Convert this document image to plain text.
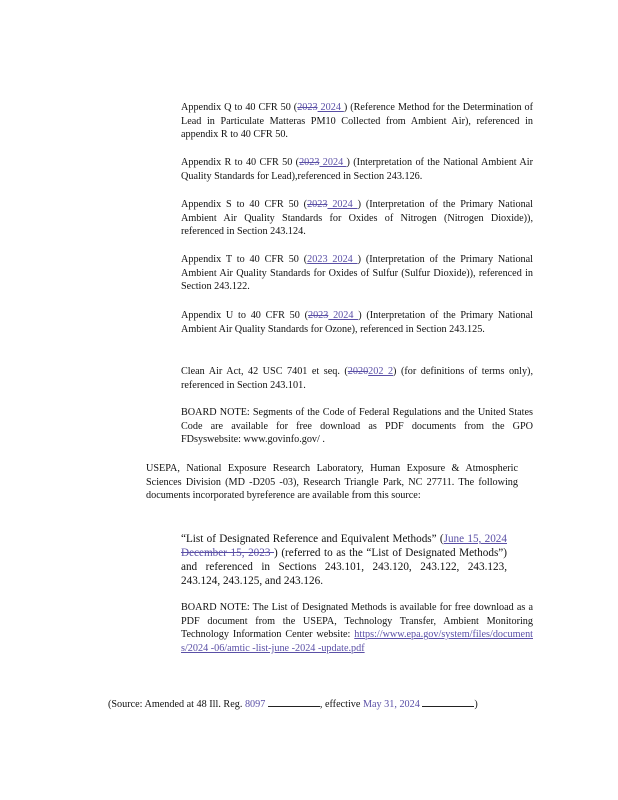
Appendix Q to 40 CFR 50 (2023 2024 ) (Reference Method for the Determination of Lead in Particulate Matteras PM10 Collected from Ambient Air), referenced in appendix R to 40 CFR 50.
Appendix R to 40 CFR 50 (2023 2024 ) (Interpretation of the National Ambient Air Quality Standards for Lead),referenced in Section 243.126.
Appendix S to 40 CFR 50 (2023 2024 ) (Interpretation of the Primary National Ambient Air Quality Standards for Oxides of Nitrogen (Nitrogen Dioxide)), referenced in Section 243.124.
Appendix T to 40 CFR 50 (2023 2024 ) (Interpretation of the Primary National Ambient Air Quality Standards for Oxides of Sulfur (Sulfur Dioxide)), referenced in Section 243.122.
Appendix U to 40 CFR 50 (2023 2024 ) (Interpretation of the Primary National Ambient Air Quality Standards for Ozone), referenced in Section 243.125.
Clean Air Act, 42 USC 7401 et seq. (2020202 2) (for definitions of terms only), referenced in Section 243.101.
BOARD NOTE: Segments of the Code of Federal Regulations and the United States Code are available for free download as PDF documents from the GPO FDsyswebsite: www.govinfo.gov/ .
USEPA, National Exposure Research Laboratory, Human Exposure & Atmospheric Sciences Division (MD -D205 -03), Research Triangle Park, NC 27711. The following documents incorporated byreference are available from this source:
“List of Designated Reference and Equivalent Methods” (June 15, 2024 December 15, 2023 ) (referred to as the “List of Designated Methods”) and referenced in Sections 243.101, 243.120, 243.122, 243.123, 243.124, 243.125, and 243.126.
BOARD NOTE: The List of Designated Methods is available for free download as a PDF document from the USEPA, Technology Transfer, Ambient Monitoring Technology Information Center website: https://www.epa.gov/system/files/documents/2024 -06/amtic -list-june -2024 -update.pdf
(Source: Amended at 48 Ill. Reg. 8097	, effective May 31, 2024	)
